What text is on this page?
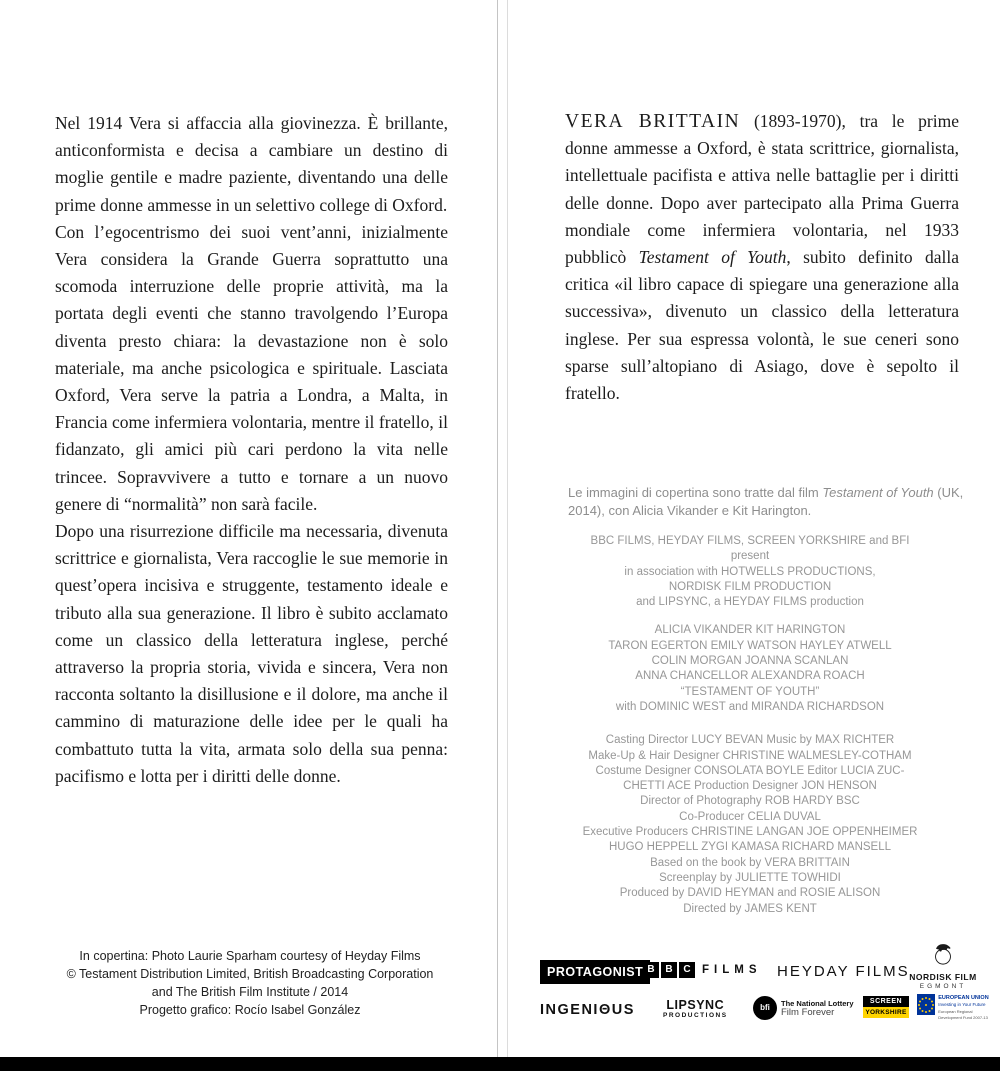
Nel 1914 Vera si affaccia alla giovinezza. È brillante, anticonformista e decisa a cambiare un destino di moglie gentile e madre paziente, diventando una delle prime donne ammesse in un selettivo college di Oxford.
Con l’egocentrismo dei suoi vent’anni, inizialmente Vera considera la Grande Guerra soprattutto una scomoda interruzione delle proprie attività, ma la portata degli eventi che stanno travolgendo l’Europa diventa presto chiara: la devastazione non è solo materiale, ma anche psicologica e spirituale. Lasciata Oxford, Vera serve la patria a Londra, a Malta, in Francia come infermiera volontaria, mentre il fratello, il fidanzato, gli amici più cari perdono la vita nelle trincee. Sopravvivere a tutto e tornare a un nuovo genere di “normalità” non sarà facile.
Dopo una risurrezione difficile ma necessaria, divenuta scrittrice e giornalista, Vera raccoglie le sue memorie in quest’opera incisiva e struggente, testamento ideale e tributo alla sua generazione. Il libro è subito acclamato come un classico della letteratura inglese, perché attraverso la propria storia, vivida e sincera, Vera non racconta soltanto la disillusione e il dolore, ma anche il cammino di maturazione delle idee per le quali ha combattuto tutta la vita, armata solo della sua penna: pacifismo e lotta per i diritti delle donne.
In copertina: Photo Laurie Sparham courtesy of Heyday Films
© Testament Distribution Limited, British Broadcasting Corporation
and The British Film Institute / 2014
Progetto grafico: Rocío Isabel González

VERA BRITTAIN (1893-1970), tra le prime donne ammesse a Oxford, è stata scrittrice, giornalista, intellettuale pacifista e attiva nelle battaglie per i diritti delle donne. Dopo aver partecipato alla Prima Guerra mondiale come infermiera volontaria, nel 1933 pubblicò Testament of Youth, subito definito dalla critica «il libro capace di spiegare una generazione alla successiva», divenuto un classico della letteratura inglese. Per sua espressa volontà, le sue ceneri sono sparse sull’altopiano di Asiago, dove è sepolto il fratello.

Le immagini di copertina sono tratte dal film Testament of Youth (UK, 2014), con Alicia Vikander e Kit Harington.

BBC FILMS, HEYDAY FILMS, SCREEN YORKSHIRE and BFI
present
in association with HOTWELLS PRODUCTIONS,
NORDISK FILM PRODUCTION
and LIPSYNC, a HEYDAY FILMS production
ALICIA VIKANDER KIT HARINGTON
TARON EGERTON EMILY WATSON HAYLEY ATWELL
COLIN MORGAN JOANNA SCANLAN
ANNA CHANCELLOR ALEXANDRA ROACH
“TESTAMENT OF YOUTH”
with DOMINIC WEST and MIRANDA RICHARDSON
Casting Director LUCY BEVAN Music by MAX RICHTER
Make-Up & Hair Designer CHRISTINE WALMESLEY-COTHAM
Costume Designer CONSOLATA BOYLE Editor LUCIA ZUC-
CHETTI ACE Production Designer JON HENSON
Director of Photography ROB HARDY BSC
Co-Producer CELIA DUVAL
Executive Producers CHRISTINE LANGAN JOE OPPENHEIMER
HUGO HEPPELL ZYGI KAMASA RICHARD MANSELL
Based on the book by VERA BRITTAIN
Screenplay by JULIETTE TOWHIDI
Produced by DAVID HEYMAN and ROSIE ALISON
Directed by JAMES KENT
PROTAGONIST B	B	C FILMS HEYDAY FILMS NORDISK FILM
EGMONT
INGENIΘUS	LIPSYNC
PRODUCTIONS
bfi	The National Lottery
Film Forever
SCREEN
YORKSHIRE
EUROPEAN UNION
Investing in Your Future
European Regional Development Fund 2007-13
